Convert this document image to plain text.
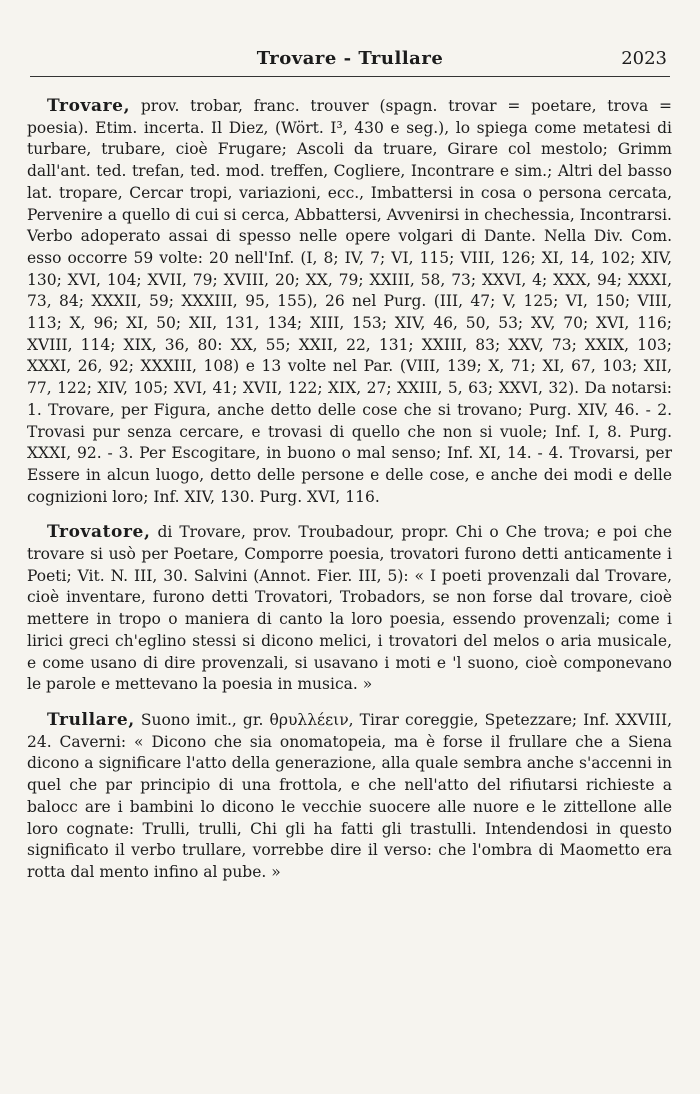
Trovare - Trullare	2023

Trovare, prov. trobar, franc. trouver (spagn. trovar = poetare, trova = poesia). Etim. incerta. Il Diez, (Wört. I³, 430 e seg.), lo spiega come metatesi di turbare, trubare, cioè Frugare; Ascoli da truare, Girare col mestolo; Grimm dall'ant. ted. trefan, ted. mod. treffen, Cogliere, Incontrare e sim.; Altri del basso lat. tropare, Cercar tropi, variazioni, ecc., Imbattersi in cosa o persona cercata, Pervenire a quello di cui si cerca, Abbattersi, Avvenirsi in chechessia, Incontrarsi. Verbo adoperato assai di spesso nelle opere volgari di Dante. Nella Div. Com. esso occorre 59 volte: 20 nell'Inf. (I, 8; IV, 7; VI, 115; VIII, 126; XI, 14, 102; XIV, 130; XVI, 104; XVII, 79; XVIII, 20; XX, 79; XXIII, 58, 73; XXVI, 4; XXX, 94; XXXI, 73, 84; XXXII, 59; XXXIII, 95, 155), 26 nel Purg. (III, 47; V, 125; VI, 150; VIII, 113; X, 96; XI, 50; XII, 131, 134; XIII, 153; XIV, 46, 50, 53; XV, 70; XVI, 116; XVIII, 114; XIX, 36, 80: XX, 55; XXII, 22, 131; XXIII, 83; XXV, 73; XXIX, 103; XXXI, 26, 92; XXXIII, 108) e 13 volte nel Par. (VIII, 139; X, 71; XI, 67, 103; XII, 77, 122; XIV, 105; XVI, 41; XVII, 122; XIX, 27; XXIII, 5, 63; XXVI, 32). Da notarsi: 1. Trovare, per Figura, anche detto delle cose che si trovano; Purg. XIV, 46. - 2. Trovasi pur senza cercare, e trovasi di quello che non si vuole; Inf. I, 8. Purg. XXXI, 92. - 3. Per Escogitare, in buono o mal senso; Inf. XI, 14. - 4. Trovarsi, per Essere in alcun luogo, detto delle persone e delle cose, e anche dei modi e delle cognizioni loro; Inf. XIV, 130. Purg. XVI, 116.

Trovatore, di Trovare, prov. Troubadour, propr. Chi o Che trova; e poi che trovare si usò per Poetare, Comporre poesia, trovatori furono detti anticamente i Poeti; Vit. N. III, 30. Salvini (Annot. Fier. III, 5): « I poeti provenzali dal Trovare, cioè inventare, furono detti Trovatori, Trobadors, se non forse dal trovare, cioè mettere in tropo o maniera di canto la loro poesia, essendo provenzali; come i lirici greci ch'eglino stessi si dicono melici, i trovatori del melos o aria musicale, e come usano di dire provenzali, si usavano i moti e 'l suono, cioè componevano le parole e mettevano la poesia in musica. »

Trullare, Suono imit., gr. θρυλλέειν, Tirar coreggie, Spetezzare; Inf. XXVIII, 24. Caverni: « Dicono che sia onomatopeia, ma è forse il frullare che a Siena dicono a significare l'atto della generazione, alla quale sembra anche s'accenni in quel che par principio di una frottola, e che nell'atto del rifiutarsi richieste a balocc are i bambini lo dicono le vecchie suocere alle nuore e le zittellone alle loro cognate: Trulli, trulli, Chi gli ha fatti gli trastulli. Intendendosi in questo significato il verbo trullare, vorrebbe dire il verso: che l'ombra di Maometto era rotta dal mento infino al pube. »
